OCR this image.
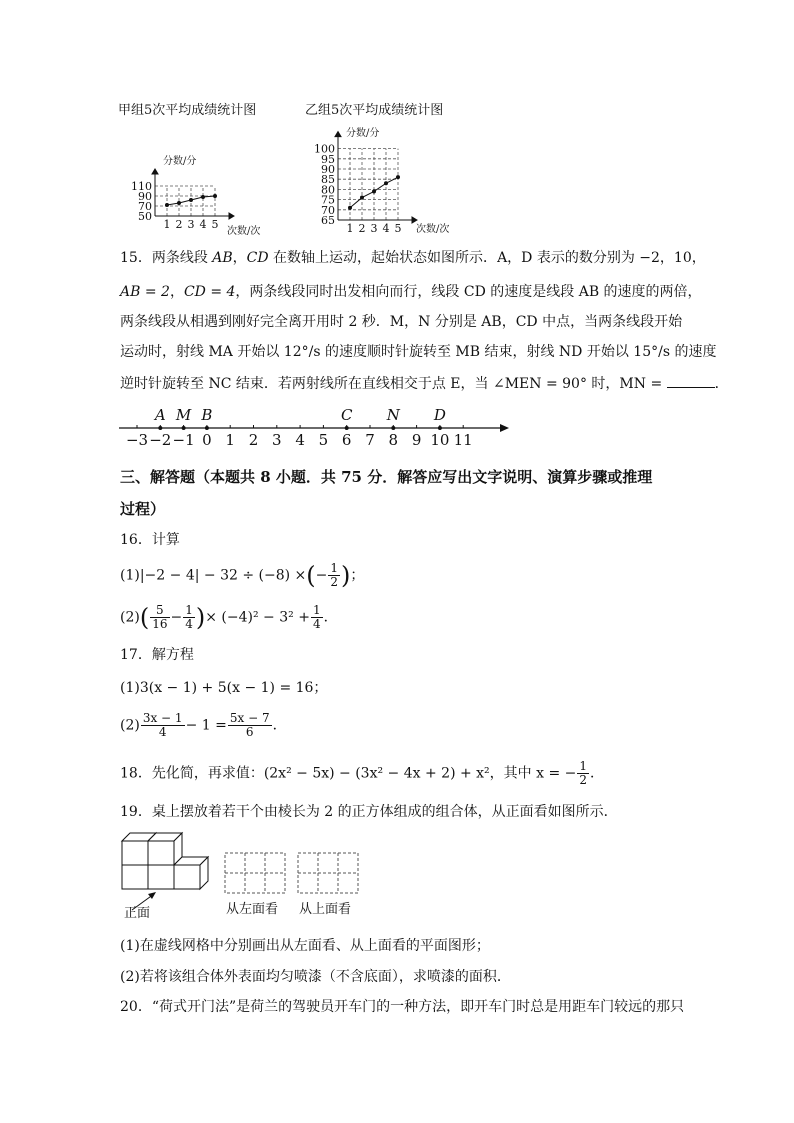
甲组5次平均成绩统计图	乙组5次平均成绩统计图
50
70
90
110
1 2 3 4 5
分数/分
次数/次
65
70
75
80
85
90
95
100
1 2 3 4 5
分数/分
次数/次
15．两条线段 AB，CD 在数轴上运动，起始状态如图所示．A，D 表示的数分别为 −2，10，
AB = 2，CD = 4，两条线段同时出发相向而行，线段 CD 的速度是线段 AB 的速度的两倍，
两条线段从相遇到刚好完全离开用时 2 秒．M，N 分别是 AB，CD 中点，当两条线段开始
运动时，射线 MA 开始以 12°/s 的速度顺时针旋转至 MB 结束，射线 ND 开始以 15°/s 的速度
逆时针旋转至 NC 结束．若两射线所在直线相交于点 E，当 ∠MEN = 90° 时，MN =	．
−3 −2 −1 0 1 2 3 4 5 6 7 8 9 10 11
A M B	C N D
三、解答题（本题共 8 小题．共 75 分．解答应写出文字说明、演算步骤或推理
过程）
16．计算
(1)|−2 − 4| − 32 ÷ (−8) ×(− $\frac{1}{2}$ )；
$(2)( \frac{5}{16} - \frac{1}{4}$ )× $(-4)^2 - 3^2 + \frac{1}{4}$ ．
17．解方程
(1)3(x − 1) + 5(x − 1) = 16；
$(2) \frac{3x - 1}{4} - 1 = \frac{5x - 7}{6}$ ．
18．先化简，再求值：(2x² − 5x) − (3x² − 4x + 2) + x²，其中 x = − $\frac{1}{2}$ ．
19．桌上摆放着若干个由棱长为 2 的正方体组成的组合体，从正面看如图所示．
正面	从左面看 从上面看
(1)在虚线网格中分别画出从左面看、从上面看的平面图形；
(2)若将该组合体外表面均匀喷漆（不含底面），求喷漆的面积．
20．“荷式开门法”是荷兰的驾驶员开车门的一种方法，即开车门时总是用距车门较远的那只
